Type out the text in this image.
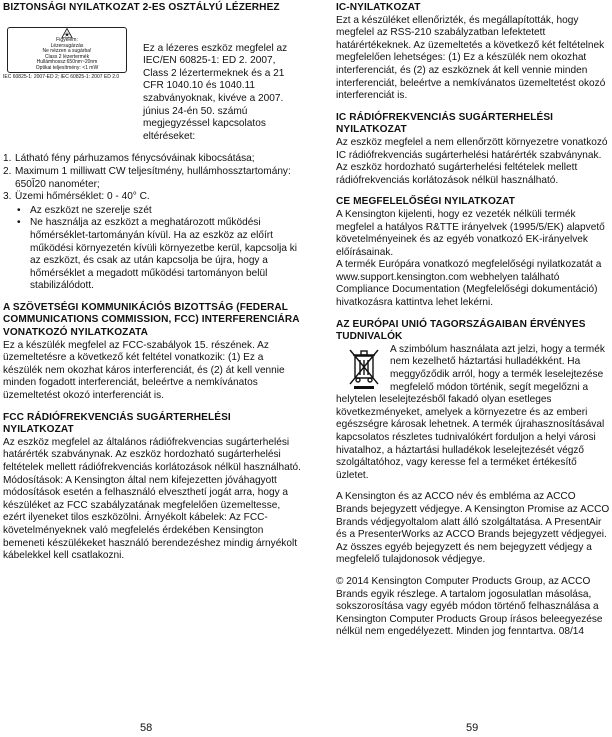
BIZTONSÁGI NYILATKOZAT 2-ES OSZTÁLYÚ LÉZERHEZ
Figyelem:
Lézersugárzás
Ne nézzen a sugárba!
Class 2 lézertermék
Hullámhossz:650nm~20nm
Optikai teljesítmény: <1 mW
IEC 60825-1: 2007-ED 2; IEC 60825-1: 2007 ED 2.0

Ez a lézeres eszköz megfelel az IEC/EN 60825-1: ED 2. 2007, Class 2 lézertermeknek és a 21 CFR 1040.10 és 1040.11 szabványoknak, kivéve a 2007. június 24-én 50. számú megjegyzéssel kapcsolatos eltéréseket:

1. Látható fény párhuzamos fénycsóváinak kibocsátása;
2. Maximum 1 milliwatt CW teljesítmény, hullámhossztartomány: 650Ĭ20 nanométer;
3. Üzemi hőmérséklet: 0 - 40° C.
• Az eszközt ne szerelje szét
• Ne használja az eszközt a meghatározott működési hőmérséklet-tartományán kívül. Ha az eszköz az előírt működési környezetén kívüli környezetbe kerül, kapcsolja ki az eszközt, és csak az után kapcsolja be újra, hogy a hőmérséklet a megadott működési tartományon belül stabilizálódott.
A SZÖVETSÉGI KOMMUNIKÁCIÓS BIZOTTSÁG (FEDERAL COMMUNICATIONS COMMISSION, FCC) INTERFERENCIÁRA VONATKOZÓ NYILATKOZATA

Ez a készülék megfelel az FCC-szabályok 15. részének. Az üzemeltetésre a következő két feltétel vonatkozik: (1) Ez a készülék nem okozhat káros interferenciát, és (2) át kell vennie minden fogadott interferenciát, beleértve a nemkívánatos üzemeltetést okozó interferenciát is.

FCC RÁDIÓFREKVENCIÁS SUGÁRTERHELÉSI NYILATKOZAT

Az eszköz megfelel az általános rádiófrekvencias sugárterhelési határérték szabványnak. Az eszköz hordozható sugárterhelési feltételek mellett rádiófrekvenciás korlátozások nélkül használható. Módosítások: A Kensington által nem kifejezetten jóváhagyott módosítások esetén a felhasználó elveszthetí jogát arra, hogy a készüléket az FCC szabályzatának megfelelően üzemeltesse, ezért ilyeneket tilos eszközölni. Árnyékolt kábelek: Az FCC-követelményeknek való megfelelés érdekében Kensington bemeneti készülékeket használó berendezéshez mindig árnyékolt kábelekkel kell csatlakozni.

IC-NYILATKOZAT

Ezt a készüléket ellenőrizték, és megállapították, hogy megfelel az RSS-210 szabályzatban lefektetett határértékeknek. Az üzemeltetés a következő két feltételnek megfelelően lehetséges: (1) Ez a készülék nem okozhat interferenciát, és (2) az eszköznek át kell vennie minden interferenciát, beleértve a nemkívánatos üzemeltetést okozó interferenciát is.

IC RÁDIÓFREKVENCIÁS SUGÁRTERHELÉSI NYILATKOZAT

Az eszköz megfelel a nem ellenőrzött környezetre vonatkozó IC rádiófrekvenciás sugárterhelési határérték szabványnak. Az eszköz hordozható sugárterhelési feltételek mellett rádiófrekvenciás korlátozások nélkül használható.

CE MEGFELELŐSÉGI NYILATKOZAT

A Kensington kijelenti, hogy ez vezeték nélküli termék megfelel a hatályos R&TTE irányelvek (1995/5/EK) alapvető követelményeinek és az egyéb vonatkozó EK-irányelvek előírásainak.

A termék Európára vonatkozó megfelelőségi nyilatkozatát a www.support.kensington.com webhelyen található Compliance Documentation (Megfelelőségi dokumentáció) hivatkozásra kattintva lehet lekérni.

AZ EURÓPAI UNIÓ TAGORSZÁGAIBAN ÉRVÉNYES TUDNIVALÓK

A szimbólum használata azt jelzi, hogy a termék nem kezelhető háztartási hulladékként. Ha meggyőződik arról, hogy a termék leselejtezése megfelelő módon történik, segít megelőzni a helytelen leselejtezésből fakadó olyan esetleges következményeket, amelyek a környezetre és az emberi egészségre károsak lehetnek. A termék újrahasznosításával kapcsolatos részletes tudnivalókért forduljon a helyi városi hivatalhoz, a háztartási hulladékok leselejtezését végző szolgáltatóhoz, vagy keresse fel a terméket értékesítő üzletet.

A Kensington és az ACCO név és embléma az ACCO Brands bejegyzett védjegye. A Kensington Promise az ACCO Brands védjegyoltalom alatt álló szolgáltatása. A PresentAir és a PresenterWorks az ACCO Brands bejegyzett védjegyei. Az összes egyéb bejegyzett és nem bejegyzett védjegy a megfelelő tulajdonosok védjegye.

© 2014 Kensington Computer Products Group, az ACCO Brands egyik részlege. A tartalom jogosulatlan másolása, sokszorosítása vagy egyéb módon történő felhasználása a Kensington Computer Products Group írásos beleegyezése nélkül nem engedélyezett. Minden jog fenntartva. 08/14

58	59
